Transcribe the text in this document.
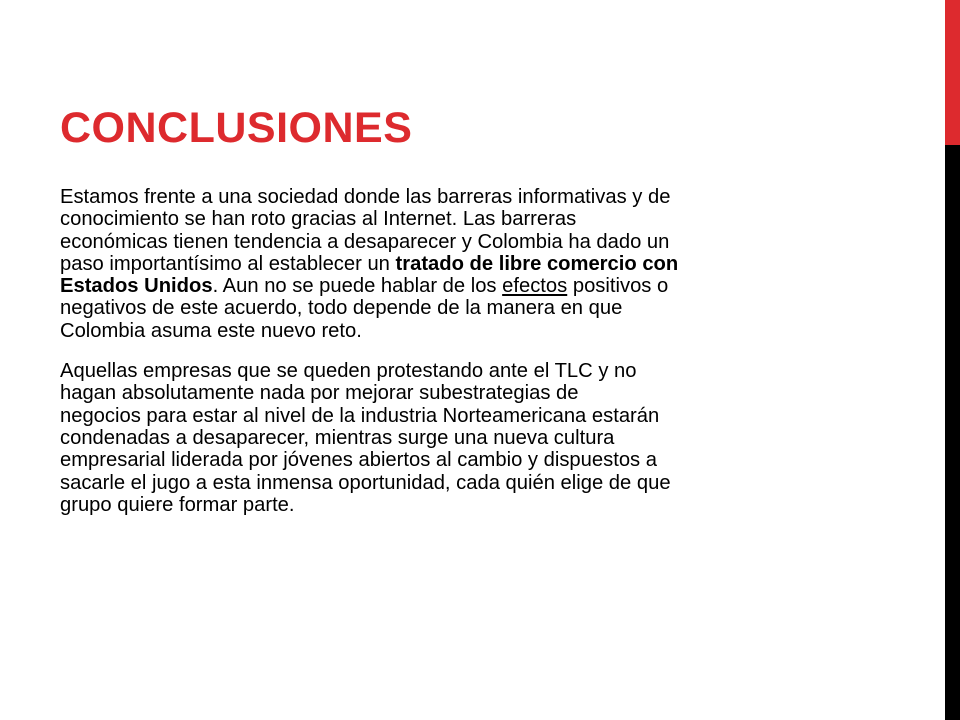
CONCLUSIONES

Estamos frente a una sociedad donde las barreras informativas y de
conocimiento se han roto gracias al Internet. Las barreras
económicas tienen tendencia a desaparecer y Colombia ha dado un
paso importantísimo al establecer un tratado de libre comercio con
Estados Unidos. Aun no se puede hablar de los efectos positivos o
negativos de este acuerdo, todo depende de la manera en que
Colombia asuma este nuevo reto.

Aquellas empresas que se queden protestando ante el TLC y no
hagan absolutamente nada por mejorar subestrategias de
negocios para estar al nivel de la industria Norteamericana estarán
condenadas a desaparecer, mientras surge una nueva cultura
empresarial liderada por jóvenes abiertos al cambio y dispuestos a
sacarle el jugo a esta inmensa oportunidad, cada quién elige de que
grupo quiere formar parte.
